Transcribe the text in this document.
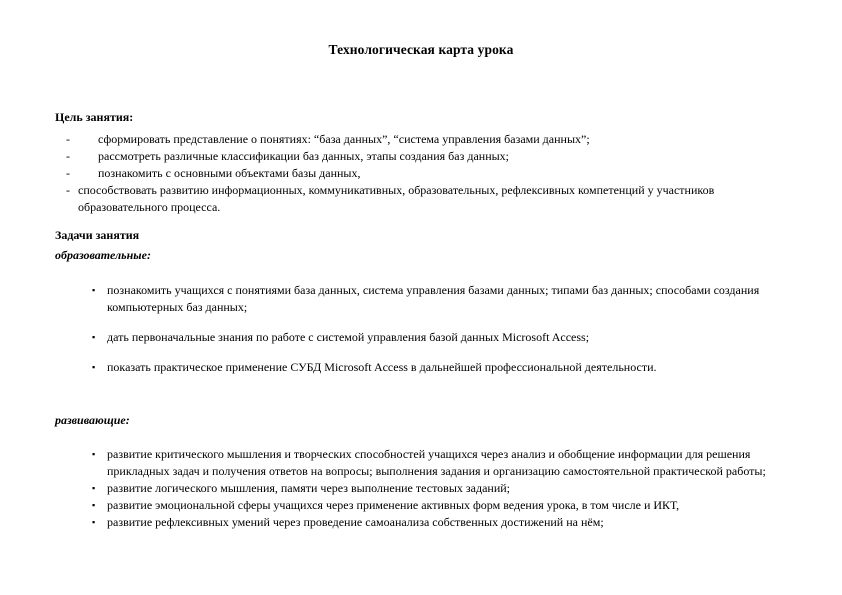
Технологическая карта урока
Цель занятия:
- сформировать представление о понятиях: “база данных”, “система управления базами данных”;
- рассмотреть различные классификации баз данных, этапы создания баз данных;
- познакомить с основными объектами базы данных,
- способствовать развитию информационных, коммуникативных, образовательных, рефлексивных компетенций у участников образовательного процесса.
Задачи занятия
образовательные:
▪ познакомить учащихся с понятиями база данных, система управления базами данных; типами баз данных; способами создания компьютерных баз данных;
▪ дать первоначальные знания по работе с системой управления базой данных Microsoft Access;
▪ показать практическое применение СУБД Microsoft Access в дальнейшей профессиональной деятельности.
развивающие:
▪ развитие критического мышления и творческих способностей учащихся через анализ и обобщение информации для решения прикладных задач и получения ответов на вопросы; выполнения задания и организацию самостоятельной практической работы;
▪ развитие логического мышления, памяти через выполнение тестовых заданий;
▪ развитие эмоциональной сферы учащихся через применение активных форм ведения урока, в том числе и ИКТ,
▪ развитие рефлексивных умений через проведение самоанализа собственных достижений на нём;
